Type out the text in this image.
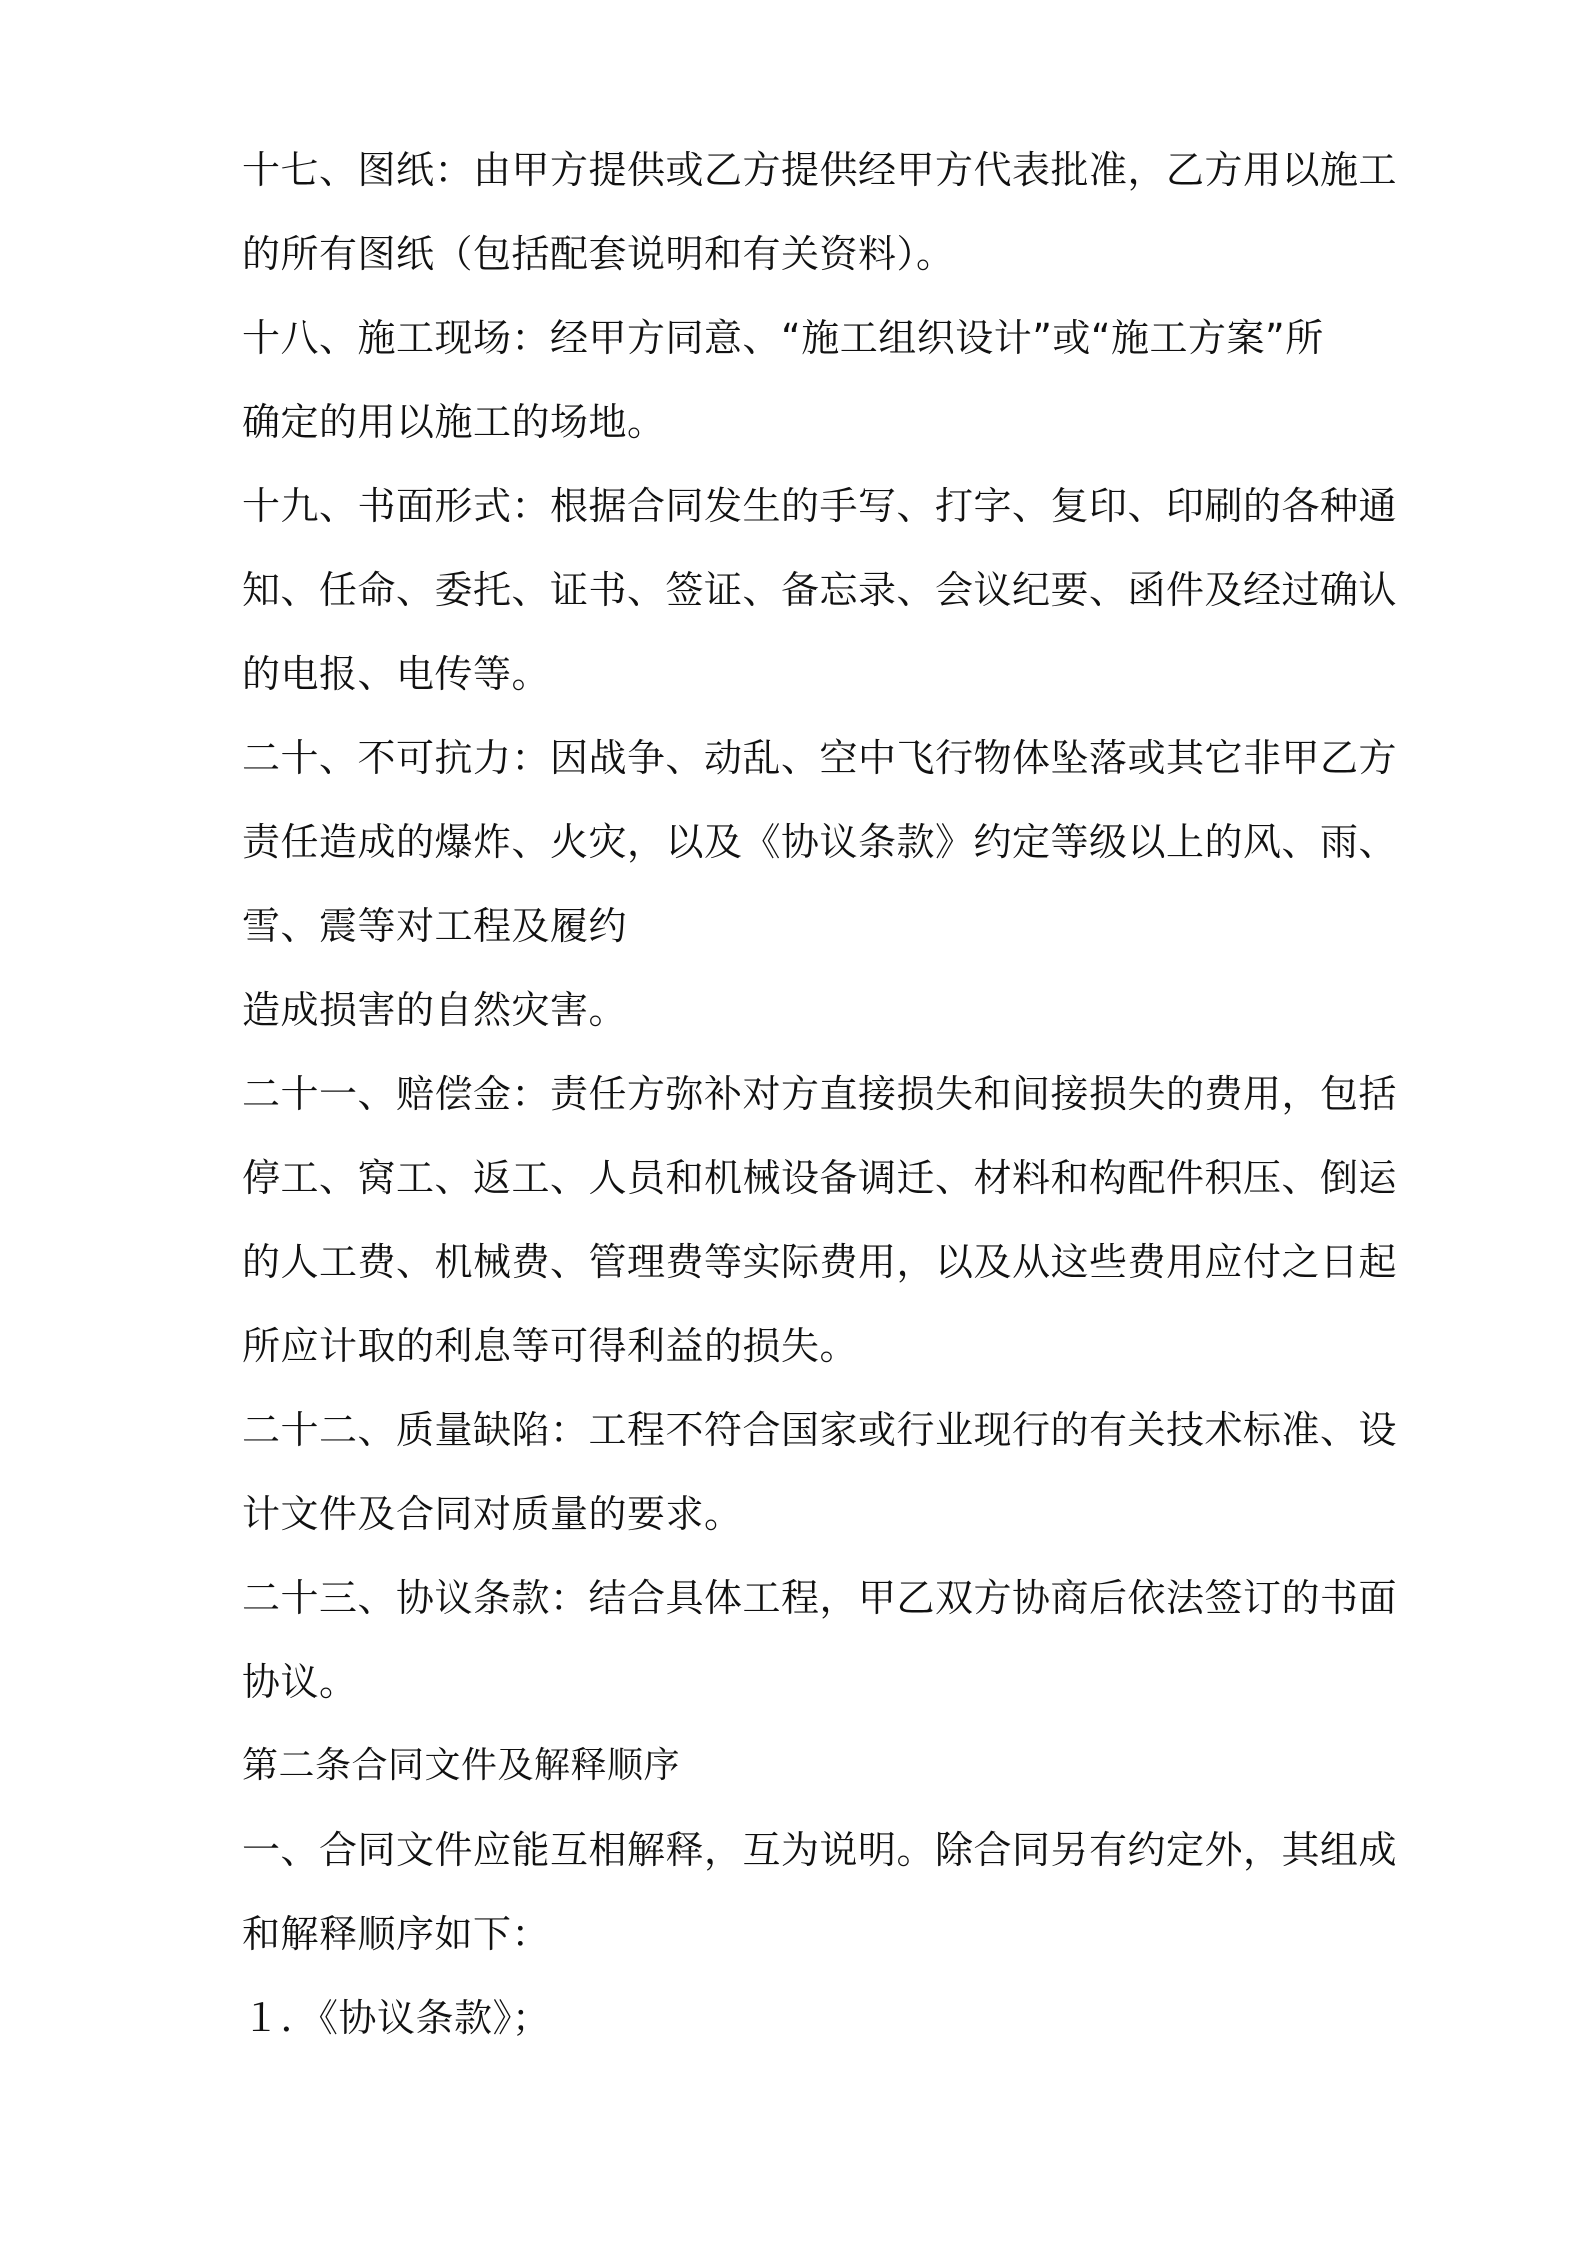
十七、图纸：由甲方提供或乙方提供经甲方代表批准，乙方用以施工
的所有图纸（包括配套说明和有关资料）。
十八、施工现场：经甲方同意、“施工组织设计”或“施工方案”所
确定的用以施工的场地。
十九、书面形式：根据合同发生的手写、打字、复印、印刷的各种通
知、任命、委托、证书、签证、备忘录、会议纪要、函件及经过确认
的电报、电传等。
二十、不可抗力：因战争、动乱、空中飞行物体坠落或其它非甲乙方
责任造成的爆炸、火灾，以及《协议条款》约定等级以上的风、雨、
雪、震等对工程及履约
造成损害的自然灾害。
二十一、赔偿金：责任方弥补对方直接损失和间接损失的费用，包括
停工、窝工、返工、人员和机械设备调迁、材料和构配件积压、倒运
的人工费、机械费、管理费等实际费用，以及从这些费用应付之日起
所应计取的利息等可得利益的损失。
二十二、质量缺陷：工程不符合国家或行业现行的有关技术标准、设
计文件及合同对质量的要求。
二十三、协议条款：结合具体工程，甲乙双方协商后依法签订的书面
协议。
第二条合同文件及解释顺序
一、合同文件应能互相解释，互为说明。除合同另有约定外，其组成
和解释顺序如下：
１．《协议条款》；
